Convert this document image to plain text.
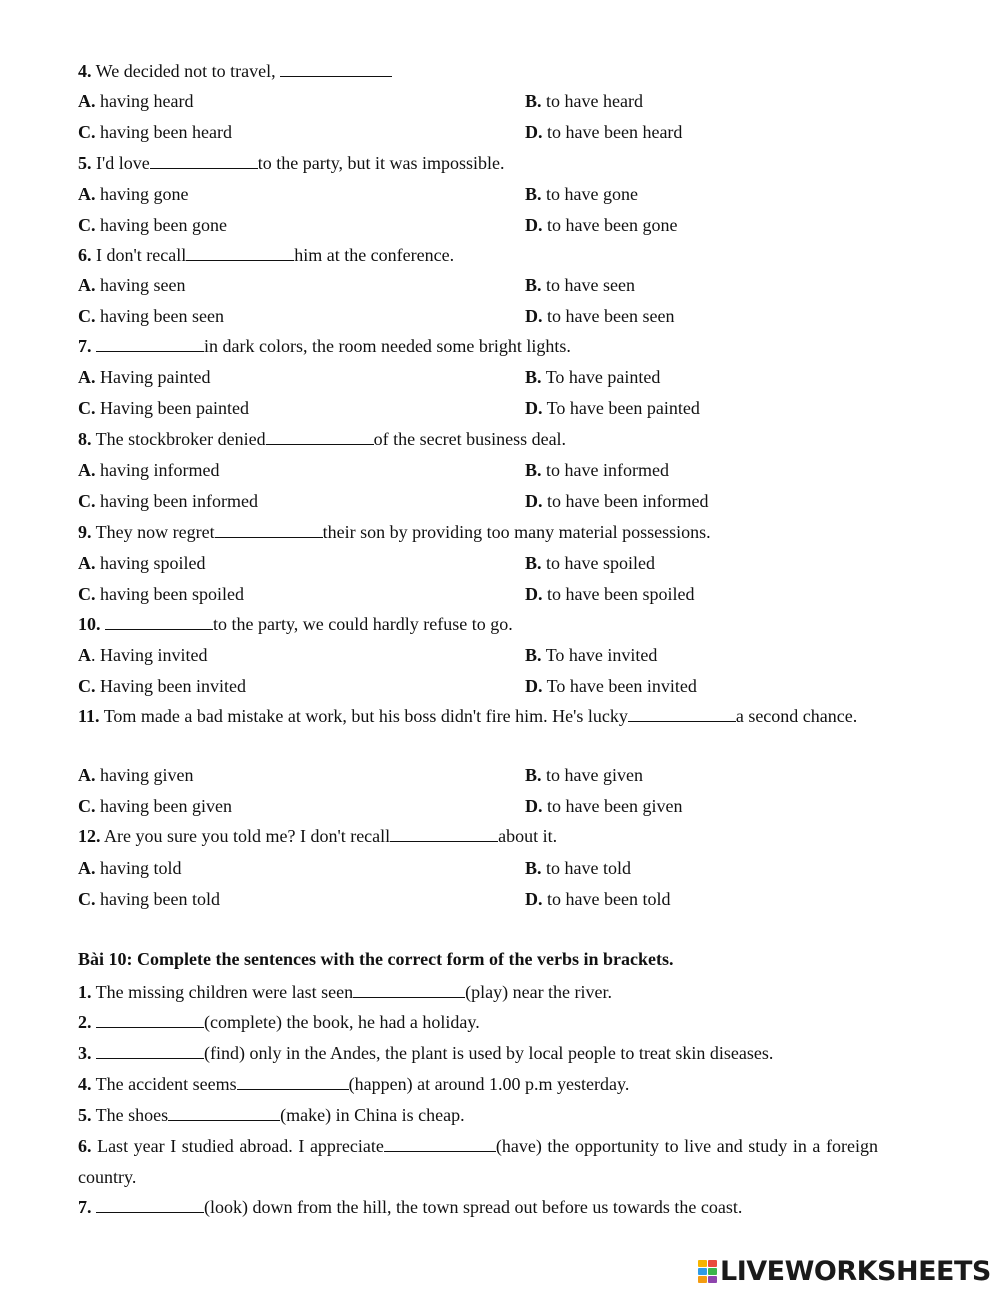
4. We decided not to travel,
A. having heard	B. to have heard
C. having been heard	D. to have been heard
5. I'd love	to the party, but it was impossible.
A. having gone	B. to have gone
C. having been gone	D. to have been gone
6. I don't recall	him at the conference.
A. having seen	B. to have seen
C. having been seen	D. to have been seen
7.	in dark colors, the room needed some bright lights.
A. Having painted	B. To have painted
C. Having been painted	D. To have been painted
8. The stockbroker denied	of the secret business deal.
A. having informed	B. to have informed
C. having been informed	D. to have been informed
9. They now regret	their son by providing too many material possessions.
A. having spoiled	B. to have spoiled
C. having been spoiled	D. to have been spoiled
10.	to the party, we could hardly refuse to go.
A. Having invited	B. To have invited
C. Having been invited	D. To have been invited
11. Tom made a bad mistake at work, but his boss didn't fire him. He's lucky	a second chance.
A. having given	B. to have given
C. having been given	D. to have been given
12. Are you sure you told me? I don't recall	about it.
A. having told	B. to have told
C. having been told	D. to have been told
Bài 10: Complete the sentences with the correct form of the verbs in brackets.
1. The missing children were last seen	(play) near the river.
2.	(complete) the book, he had a holiday.
3.	(find) only in the Andes, the plant is used by local people to treat skin diseases.
4. The accident seems	(happen) at around 1.00 p.m yesterday.
5. The shoes	(make) in China is cheap.
6. Last year I studied abroad. I appreciate	(have) the opportunity to live and study in a foreign country.
7.	(look) down from the hill, the town spread out before us towards the coast.
LIVEWORKSHEETS
